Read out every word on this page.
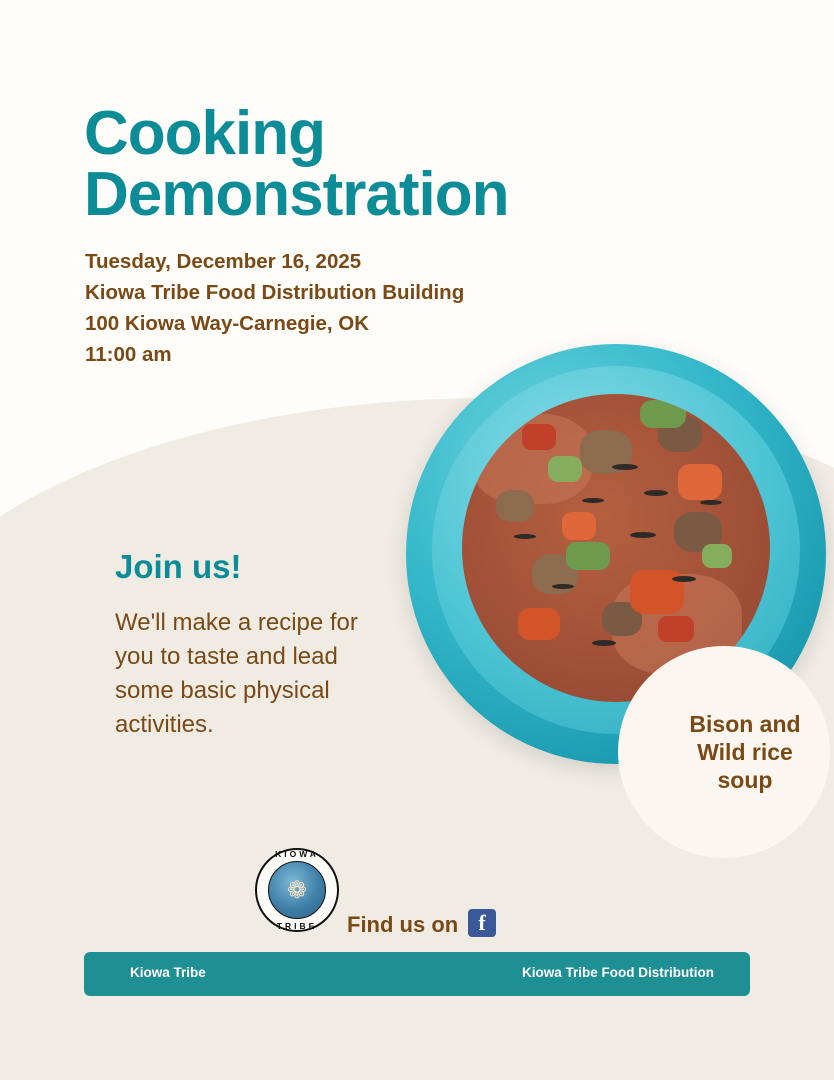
Cooking
Demonstration
Tuesday, December 16, 2025
Kiowa Tribe Food Distribution Building
100 Kiowa Way-Carnegie, OK
11:00 am
Join us!
We'll make a recipe for you to taste and lead some basic physical activities.	Bison and
Wild rice
soup
❁
KIOWA
TRIBE	Find us on f
Kiowa Tribe	Kiowa Tribe Food Distribution
